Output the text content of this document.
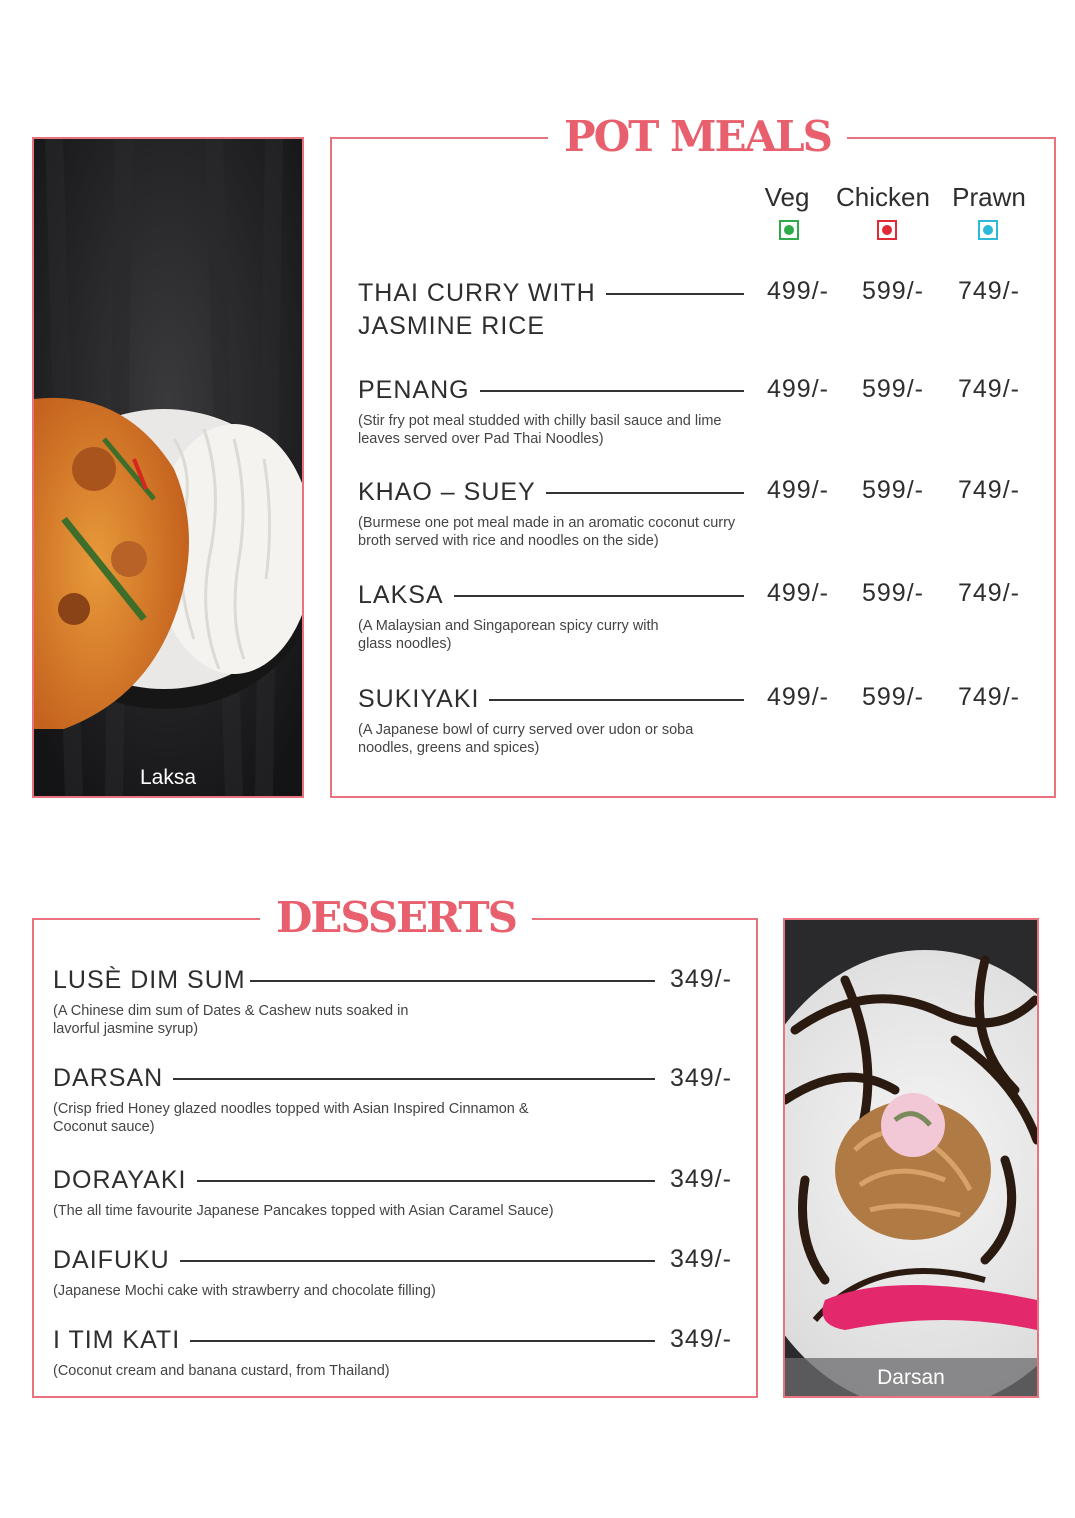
Laksa
POT MEALS
Veg	Chicken Prawn
THAI CURRY WITH
JASMINE RICE
499/- 599/- 749/-
PENANG
(Stir fry pot meal studded with chilly basil sauce and lime leaves served over Pad Thai Noodles)
499/- 599/- 749/-
KHAO – SUEY
(Burmese one pot meal made in an aromatic coconut curry broth served with rice and noodles on the side)
499/- 599/- 749/-
LAKSA
(A Malaysian and Singaporean spicy curry with glass noodles)
499/- 599/- 749/-
SUKIYAKI
(A Japanese bowl of curry served over udon or soba noodles, greens and spices)
499/- 599/- 749/-
DESSERTS
LUSÈ DIM SUM
(A Chinese dim sum of Dates & Cashew nuts soaked in lavorful jasmine syrup)
349/-
DARSAN
(Crisp fried Honey glazed noodles topped with Asian Inspired Cinnamon & Coconut sauce)
349/-
DORAYAKI
(The all time favourite Japanese Pancakes topped with Asian Caramel Sauce)
349/-
DAIFUKU
(Japanese Mochi cake with strawberry and chocolate filling)
349/-
I TIM KATI
(Coconut cream and banana custard, from Thailand)
349/-
Darsan
